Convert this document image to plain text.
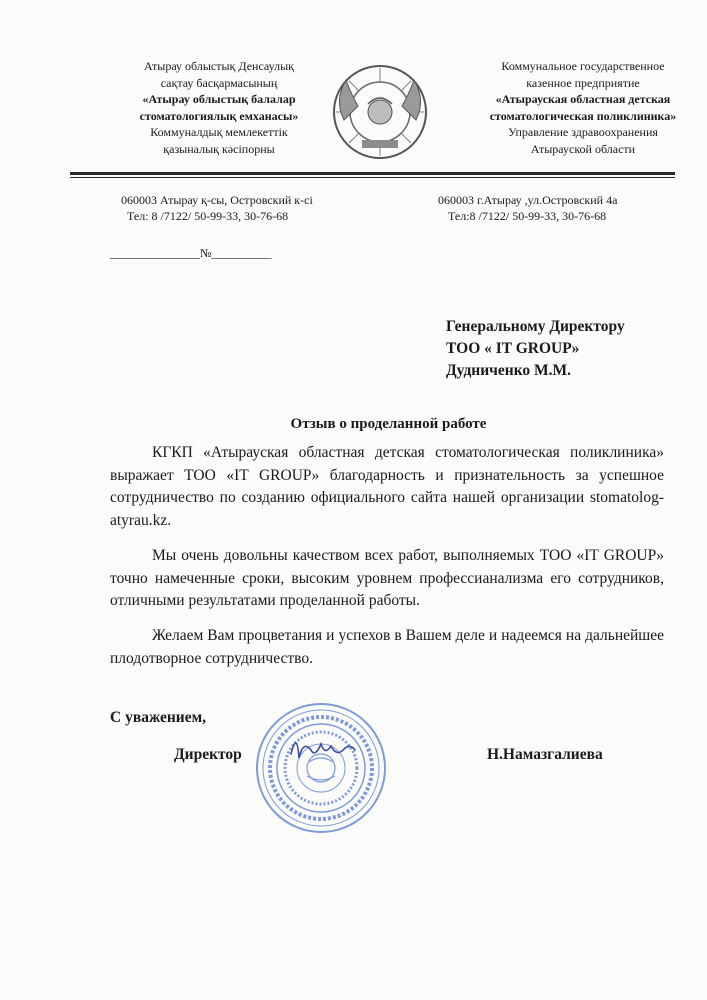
Атырау облыстық Денсаулық
сақтау басқармасының
«Атырау облыстық балалар
стоматологиялық емханасы»
Коммуналдық мемлекеттік
қазыналық кәсіпорны
Коммунальное государственное
казенное предприятие
«Атырауская областная детская
стоматологическая поликлиника»
Управление здравоохранения
Атырауской области
060003 Атырау қ-сы, Островский к-сі
Тел: 8 /7122/ 50-99-33, 30-76-68
060003 г.Атырау ,ул.Островский 4а
Тел:8 /7122/ 50-99-33, 30-76-68
_______________№__________
Генеральному Директору
ТОО « IT GROUP»
Дудниченко М.М.
Отзыв о проделанной работе
КГКП «Атырауская областная детская стоматологическая поликлиника» выражает ТОО «IT GROUP» благодарность и признательность за успешное сотрудничество по созданию официального сайта нашей организации stomatolog-atyrau.kz.
Мы очень довольны качеством всех работ, выполняемых ТОО «IT GROUP» точно намеченные сроки, высоким уровнем профессианализма его сотрудников, отличными результатами проделанной работы.
Желаем Вам процветания и успехов в Вашем деле и надеемся на дальнейшее плодотворное сотрудничество.
С уважением,
Директор	Н.Намазгалиева
